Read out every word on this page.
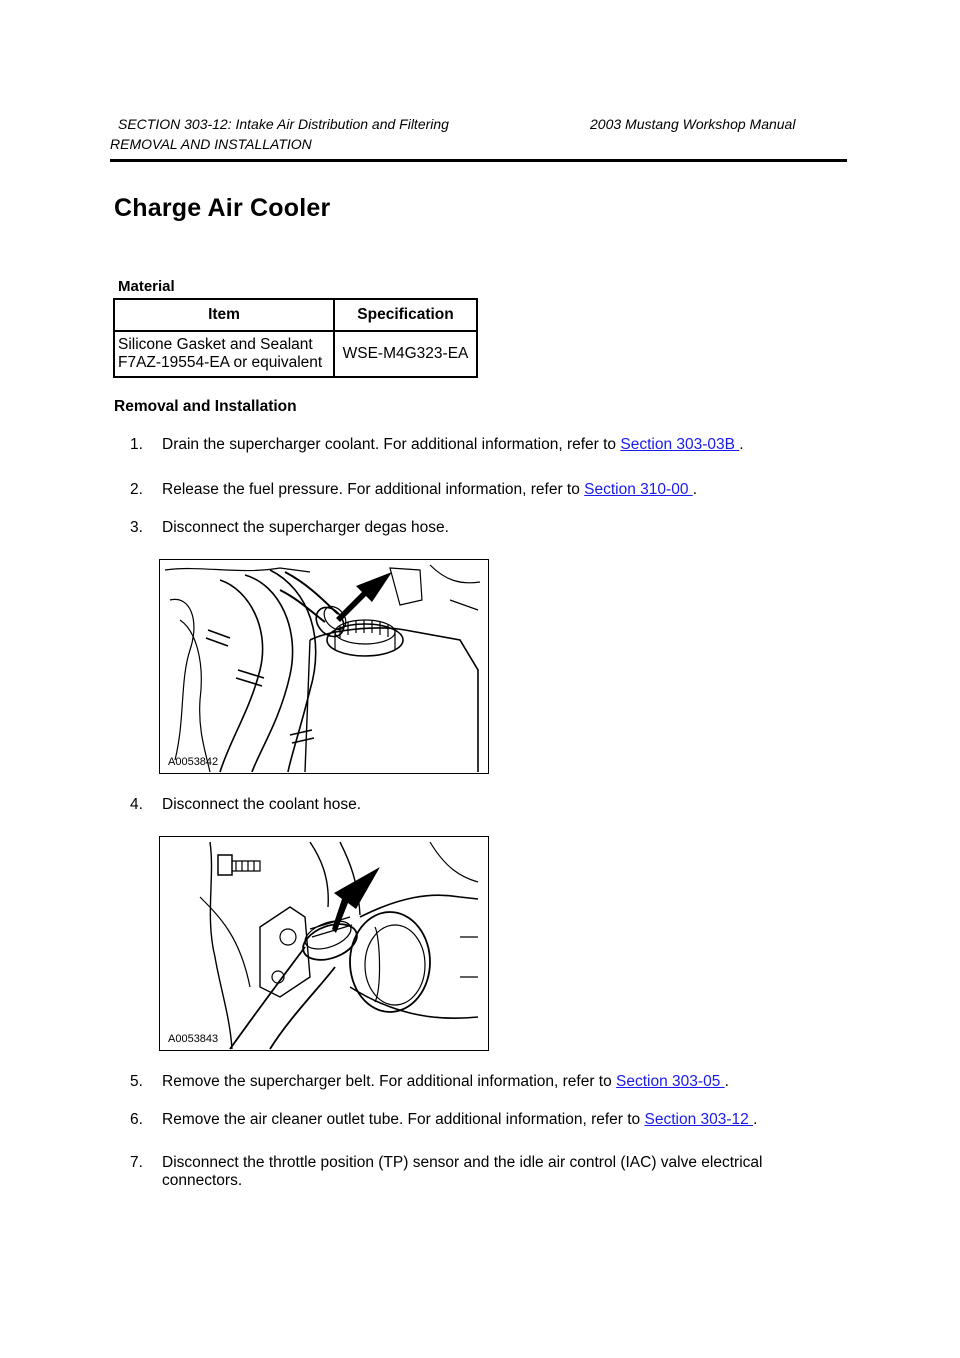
SECTION 303-12: Intake Air Distribution and Filtering	2003 Mustang Workshop Manual
REMOVAL AND INSTALLATION
Charge Air Cooler
Material
Item	Specification

Silicone Gasket and Sealant
F7AZ-19554-EA or equivalent	WSE-M4G323-EA
Removal and Installation
1.	Drain the supercharger coolant. For additional information, refer to Section 303-03B .
2.	Release the fuel pressure. For additional information, refer to Section 310-00 .
3.	Disconnect the supercharger degas hose.
A0053842
4.	Disconnect the coolant hose.
A0053843
5.	Remove the supercharger belt. For additional information, refer to Section 303-05 .
6.	Remove the air cleaner outlet tube. For additional information, refer to Section 303-12 .
7.	Disconnect the throttle position (TP) sensor and the idle air control (IAC) valve electrical
connectors.
